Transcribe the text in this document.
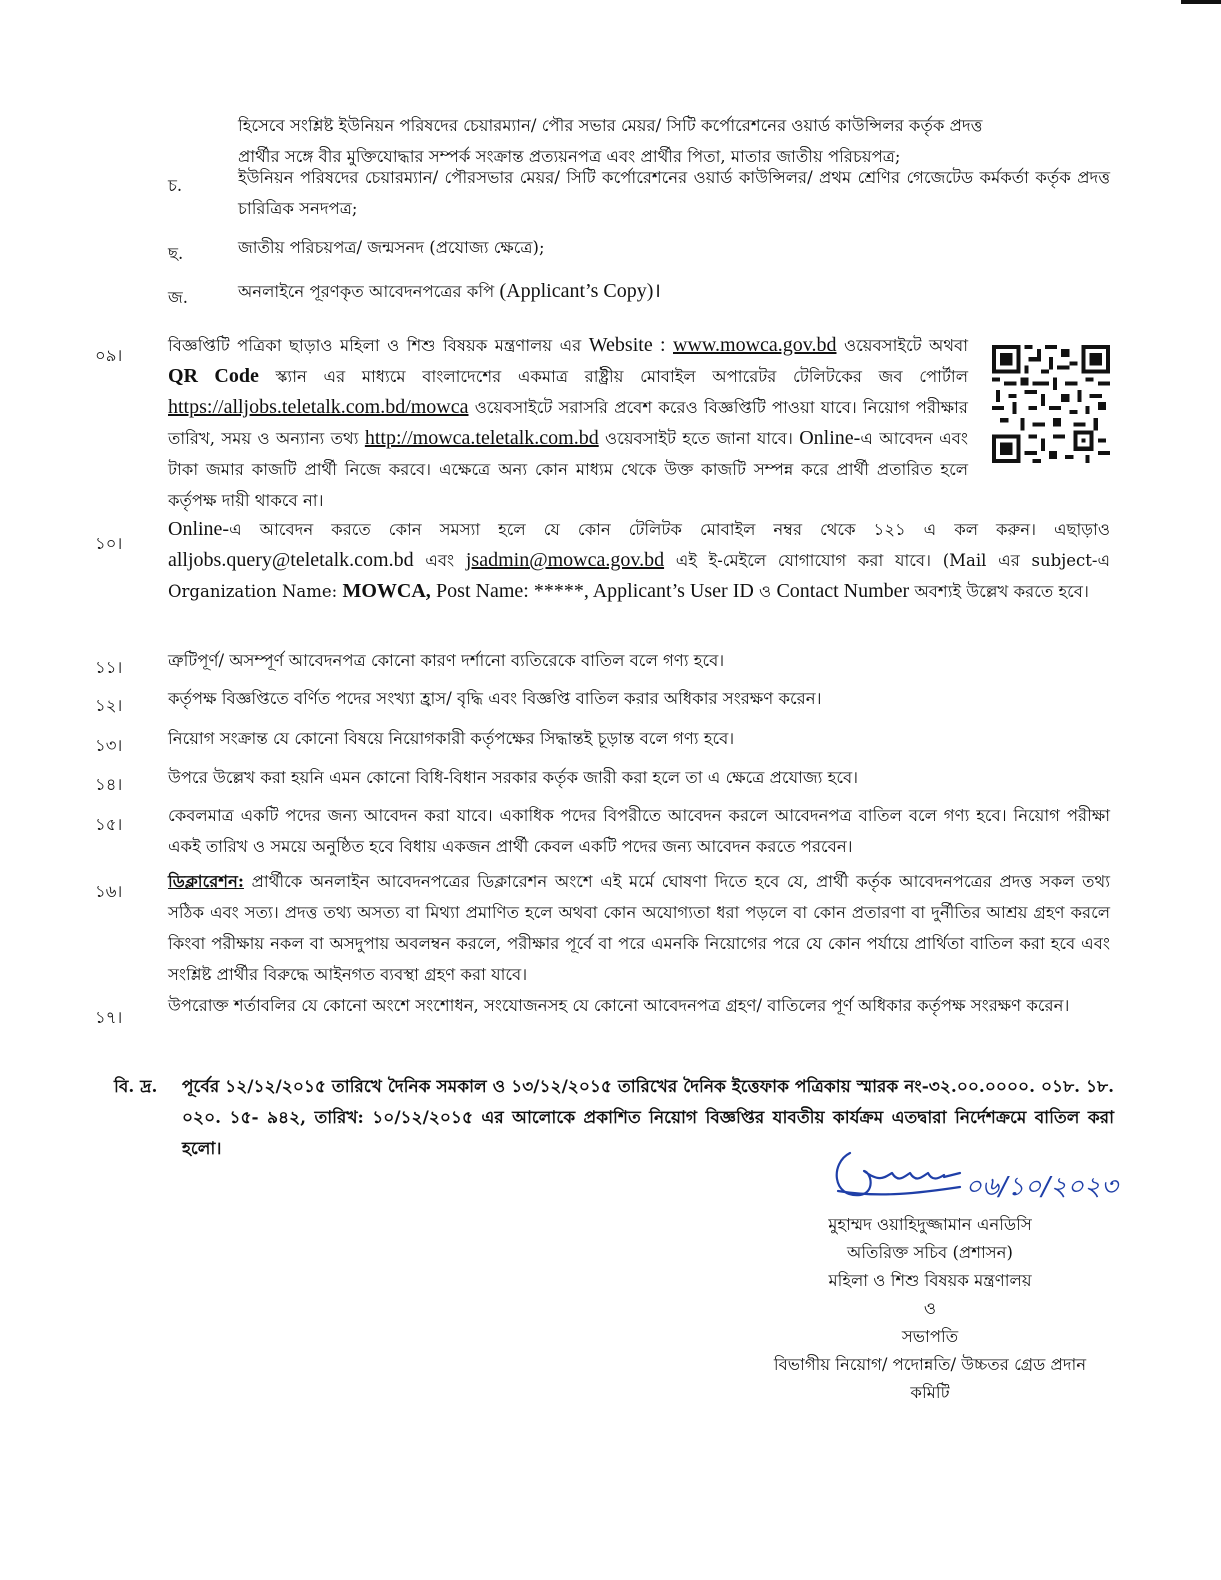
হিসেবে সংশ্লিষ্ট ইউনিয়ন পরিষদের চেয়ারম্যান/ পৌর সভার মেয়র/ সিটি কর্পোরেশনের ওয়ার্ড কাউন্সিলর কর্তৃক প্রদত্ত
প্রার্থীর সঙ্গে বীর মুক্তিযোদ্ধার সম্পর্ক সংক্রান্ত প্রত্যয়নপত্র এবং প্রার্থীর পিতা, মাতার জাতীয় পরিচয়পত্র;
চ.	ইউনিয়ন পরিষদের চেয়ারম্যান/ পৌরসভার মেয়র/ সিটি কর্পোরেশনের ওয়ার্ড কাউন্সিলর/ প্রথম শ্রেণির গেজেটেড কর্মকর্তা কর্তৃক প্রদত্ত চারিত্রিক সনদপত্র;
ছ.	জাতীয় পরিচয়পত্র/ জন্মসনদ (প্রযোজ্য ক্ষেত্রে);
জ.	অনলাইনে পূরণকৃত আবেদনপত্রের কপি (Applicant’s Copy)।
০৯।
বিজ্ঞপ্তিটি পত্রিকা ছাড়াও মহিলা ও শিশু বিষয়ক মন্ত্রণালয় এর Website : www.mowca.gov.bd ওয়েবসাইটে অথবা QR Code স্ক্যান এর মাধ্যমে বাংলাদেশের একমাত্র রাষ্ট্রীয় মোবাইল অপারেটর টেলিটকের জব পোর্টাল https://alljobs.teletalk.com.bd/mowca ওয়েবসাইটে সরাসরি প্রবেশ করেও বিজ্ঞপ্তিটি পাওয়া যাবে। নিয়োগ পরীক্ষার তারিখ, সময় ও অন্যান্য তথ্য http://mowca.teletalk.com.bd ওয়েবসাইট হতে জানা যাবে। Online-এ আবেদন এবং টাকা জমার কাজটি প্রার্থী নিজে করবে। এক্ষেত্রে অন্য কোন মাধ্যম থেকে উক্ত কাজটি সম্পন্ন করে প্রার্থী প্রতারিত হলে কর্তৃপক্ষ দায়ী থাকবে না।
১০।
Online-এ আবেদন করতে কোন সমস্যা হলে যে কোন টেলিটক মোবাইল নম্বর থেকে ১২১ এ কল করুন। এছাড়াও alljobs.query@teletalk.com.bd এবং jsadmin@mowca.gov.bd এই ই-মেইলে যোগাযোগ করা যাবে। (Mail এর subject-এ Organization Name: MOWCA, Post Name: *****, Applicant’s User ID ও Contact Number অবশ্যই উল্লেখ করতে হবে।
১১।	ত্রুটিপূর্ণ/ অসম্পূর্ণ আবেদনপত্র কোনো কারণ দর্শানো ব্যতিরেকে বাতিল বলে গণ্য হবে।
১২।	কর্তৃপক্ষ বিজ্ঞপ্তিতে বর্ণিত পদের সংখ্যা হ্রাস/ বৃদ্ধি এবং বিজ্ঞপ্তি বাতিল করার অধিকার সংরক্ষণ করেন।
১৩।	নিয়োগ সংক্রান্ত যে কোনো বিষয়ে নিয়োগকারী কর্তৃপক্ষের সিদ্ধান্তই চূড়ান্ত বলে গণ্য হবে।
১৪।	উপরে উল্লেখ করা হয়নি এমন কোনো বিধি-বিধান সরকার কর্তৃক জারী করা হলে তা এ ক্ষেত্রে প্রযোজ্য হবে।
১৫।	কেবলমাত্র একটি পদের জন্য আবেদন করা যাবে। একাধিক পদের বিপরীতে আবেদন করলে আবেদনপত্র বাতিল বলে গণ্য হবে। নিয়োগ পরীক্ষা একই তারিখ ও সময়ে অনুষ্ঠিত হবে বিধায় একজন প্রার্থী কেবল একটি পদের জন্য আবেদন করতে পরবেন।
১৬।
ডিক্লারেশন: প্রার্থীকে অনলাইন আবেদনপত্রের ডিক্লারেশন অংশে এই মর্মে ঘোষণা দিতে হবে যে, প্রার্থী কর্তৃক আবেদনপত্রের প্রদত্ত সকল তথ্য সঠিক এবং সত্য। প্রদত্ত তথ্য অসত্য বা মিথ্যা প্রমাণিত হলে অথবা কোন অযোগ্যতা ধরা পড়লে বা কোন প্রতারণা বা দুর্নীতির আশ্রয় গ্রহণ করলে কিংবা পরীক্ষায় নকল বা অসদুপায় অবলম্বন করলে, পরীক্ষার পূর্বে বা পরে এমনকি নিয়োগের পরে যে কোন পর্যায়ে প্রার্থিতা বাতিল করা হবে এবং সংশ্লিষ্ট প্রার্থীর বিরুদ্ধে আইনগত ব্যবস্থা গ্রহণ করা যাবে।
১৭।
উপরোক্ত শর্তাবলির যে কোনো অংশে সংশোধন, সংযোজনসহ যে কোনো আবেদনপত্র গ্রহণ/ বাতিলের পূর্ণ অধিকার কর্তৃপক্ষ সংরক্ষণ করেন।
বি. দ্র. পূর্বের ১২/১২/২০১৫ তারিখে দৈনিক সমকাল ও ১৩/১২/২০১৫ তারিখের দৈনিক ইত্তেফাক পত্রিকায় স্মারক নং-৩২.০০.০০০০. ০১৮. ১৮. ০২০. ১৫- ৯৪২, তারিখ: ১০/১২/২০১৫ এর আলোকে প্রকাশিত নিয়োগ বিজ্ঞপ্তির যাবতীয় কার্যক্রম এতদ্বারা নির্দেশক্রমে বাতিল করা হলো।
০৬/১০/২০২৩
মুহাম্মদ ওয়াহিদুজ্জামান এনডিসি
অতিরিক্ত সচিব (প্রশাসন)
মহিলা ও শিশু বিষয়ক মন্ত্রণালয়
ও
সভাপতি
বিভাগীয় নিয়োগ/ পদোন্নতি/ উচ্চতর গ্রেড প্রদান
কমিটি
